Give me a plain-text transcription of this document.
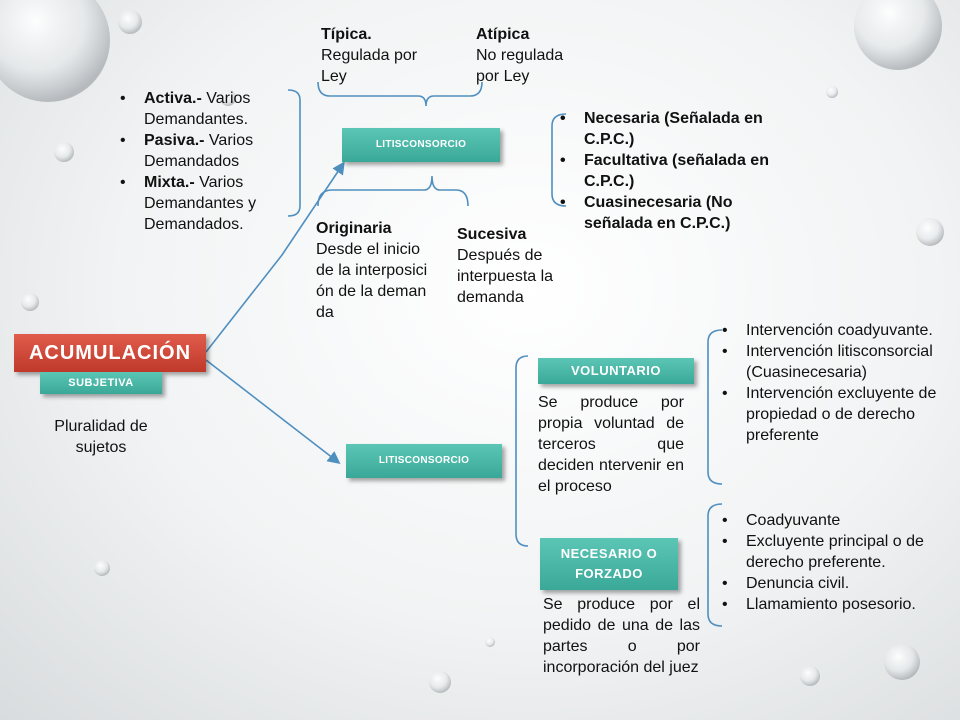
ACUMULACIÓN
SUBJETIVA
Pluralidad de sujetos
LITISCONSORCIO
Típica.
Regulada por Ley
Atípica
No regulada por Ley
• Activa.- Varios Demandantes.
• Pasiva.- Varios Demandados
• Mixta.- Varios Demandantes y Demandados.	Originaria
Desde el inicio de la interposición de la demanda
Sucesiva
Después de interpuesta la demanda
• Necesaria (Señalada en C.P.C.)
• Facultativa (señalada en C.P.C.)
• Cuasinecesaria (No señalada en C.P.C.)
LITISCONSORCIO
VOLUNTARIO
Se produce por propia voluntad de terceros que deciden ntervenir en el proceso
• Intervención coadyuvante.
• Intervención litisconsorcial (Cuasinecesaria)
• Intervención excluyente de propiedad o de derecho preferente
NECESARIO O FORZADO
Se produce por el pedido de una de las partes o por incorporación del juez
• Coadyuvante
• Excluyente principal o de derecho preferente.
• Denuncia civil.
• Llamamiento posesorio.
